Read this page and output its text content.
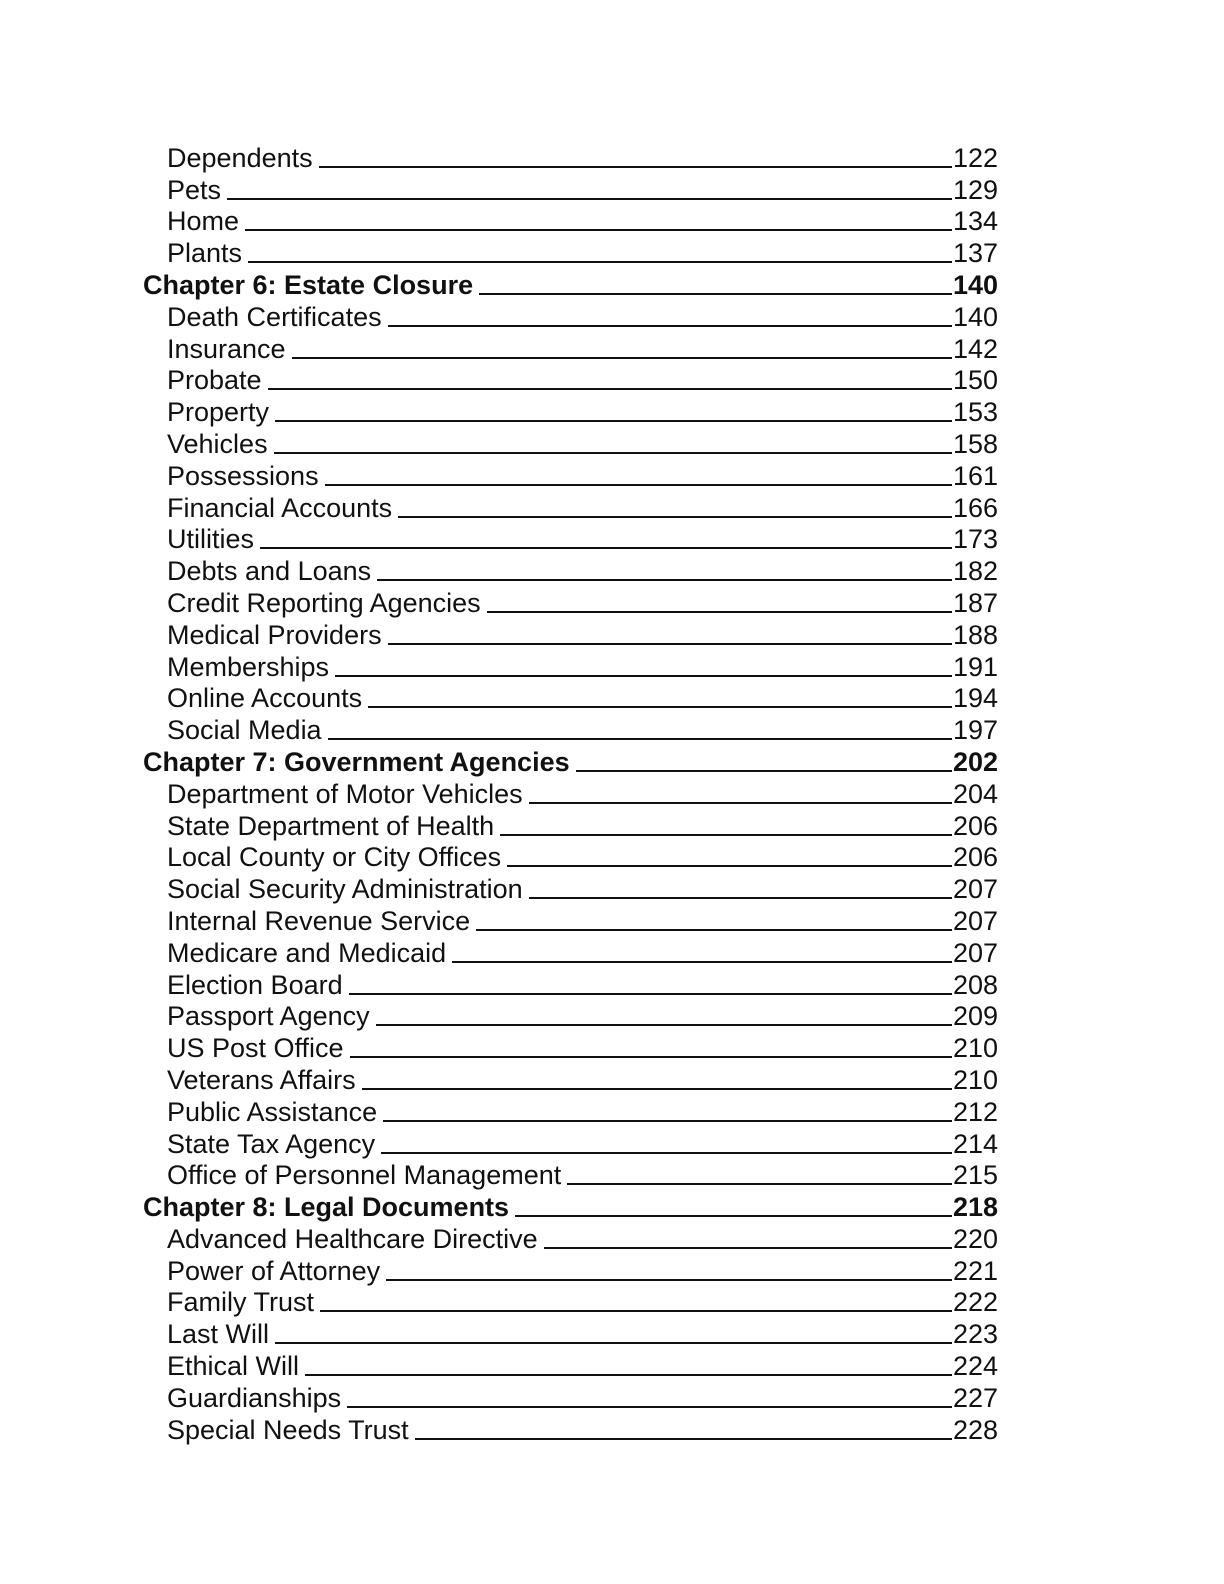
Dependents	122
Pets	129
Home	134
Plants	137
Chapter 6: Estate Closure	140
Death Certificates	140
Insurance	142
Probate	150
Property	153
Vehicles	158
Possessions	161
Financial Accounts	166
Utilities	173
Debts and Loans	182
Credit Reporting Agencies	187
Medical Providers	188
Memberships	191
Online Accounts	194
Social Media	197
Chapter 7: Government Agencies	202
Department of Motor Vehicles	204
State Department of Health	206
Local County or City Offices	206
Social Security Administration	207
Internal Revenue Service	207
Medicare and Medicaid	207
Election Board	208
Passport Agency	209
US Post Office	210
Veterans Affairs	210
Public Assistance	212
State Tax Agency	214
Office of Personnel Management	215
Chapter 8: Legal Documents	218
Advanced Healthcare Directive	220
Power of Attorney	221
Family Trust	222
Last Will	223
Ethical Will	224
Guardianships	227
Special Needs Trust	228
